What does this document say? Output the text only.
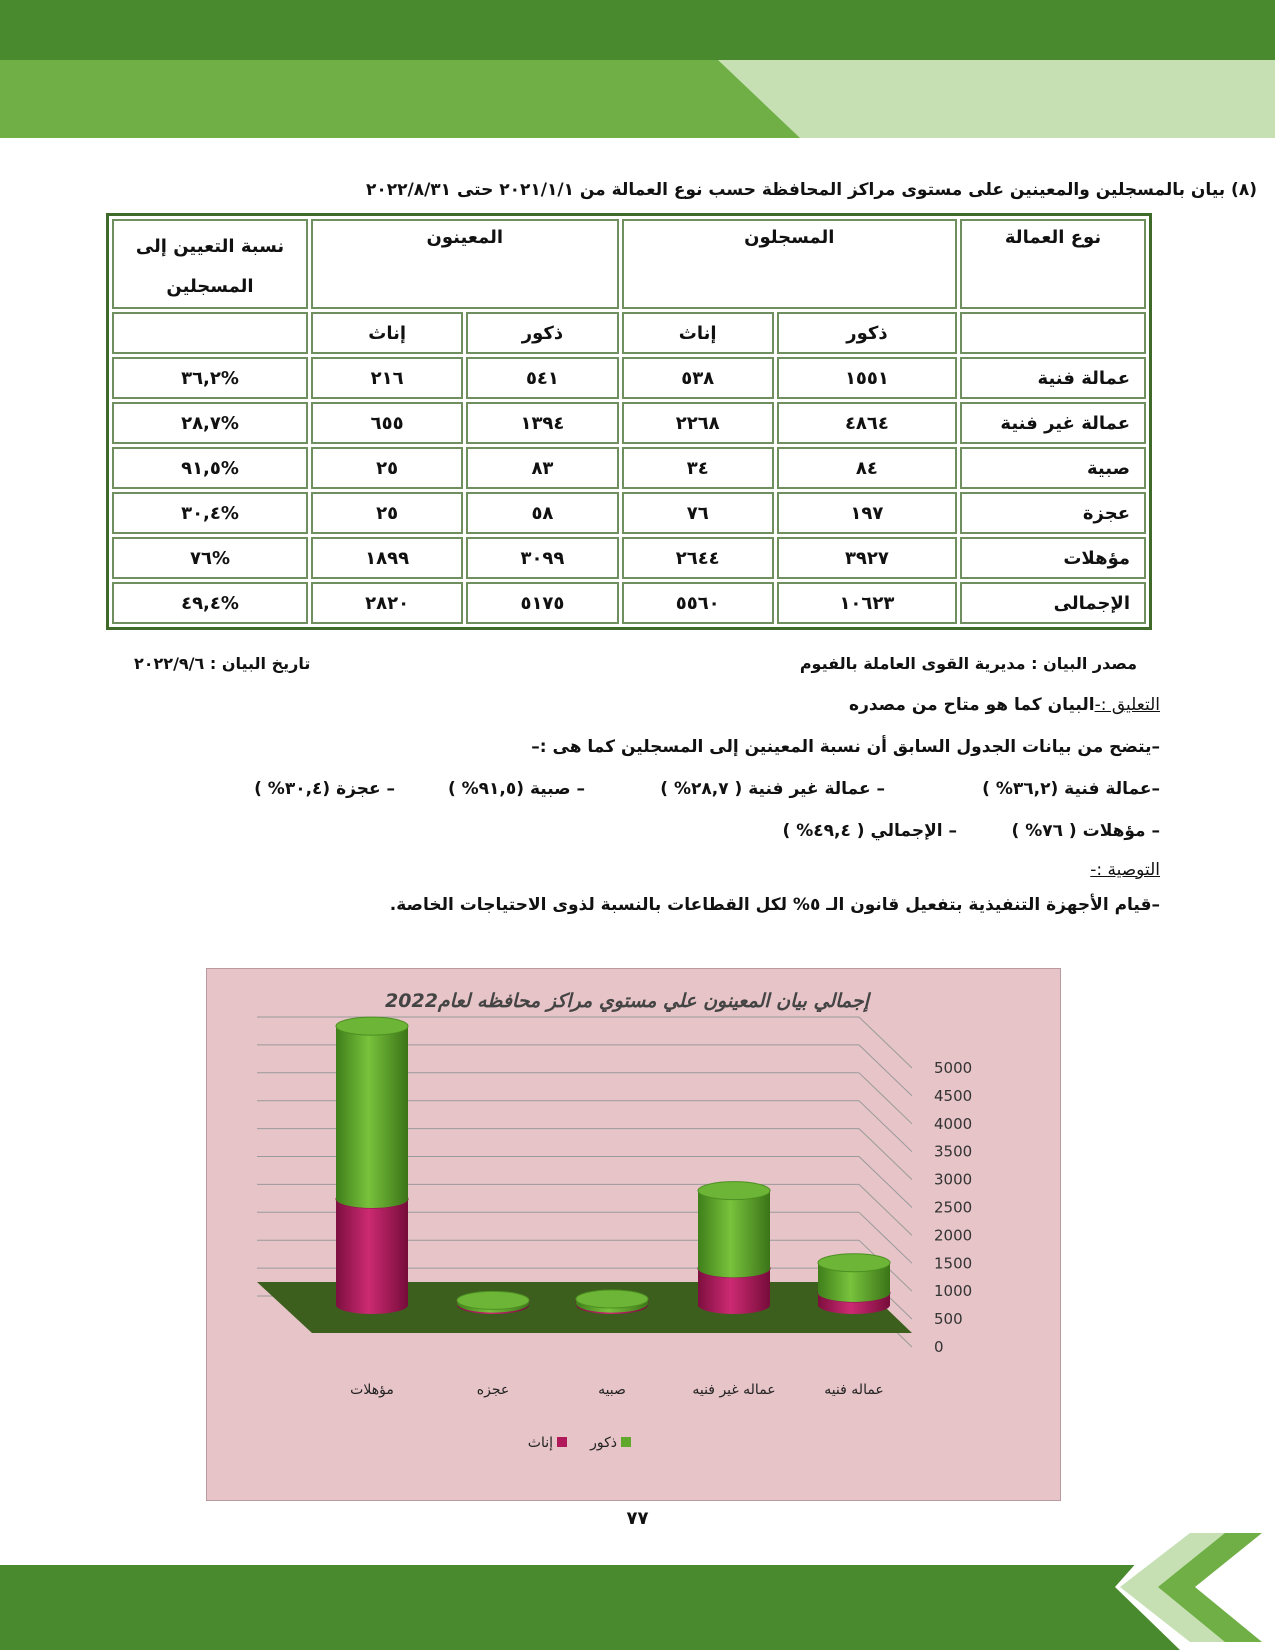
(٨) بيان بالمسجلين والمعينين على مستوى مراكز المحافظة حسب نوع العمالة من ٢٠٢١/١/١ حتى ٢٠٢٢/٨/٣١
نوع العمالة	المسجلون		المعينون		نسبة التعيين إلى المسجلين
	ذكور	إناث	ذكور	إناث	
عمالة فنية	١٥٥١	٥٣٨	٥٤١	٢١٦	%٣٦,٢
عمالة غير فنية	٤٨٦٤	٢٢٦٨	١٣٩٤	٦٥٥	%٢٨,٧
صبية	٨٤	٣٤	٨٣	٢٥	%٩١,٥
عجزة	١٩٧	٧٦	٥٨	٢٥	%٣٠,٤
مؤهلات	٣٩٢٧	٢٦٤٤	٣٠٩٩	١٨٩٩	%٧٦
الإجمالى	١٠٦٢٣	٥٥٦٠	٥١٧٥	٢٨٢٠	%٤٩,٤
مصدر البيان : مديرية القوى العاملة بالفيوم
تاريخ البيان : ٢٠٢٢/٩/٦
التعليق :-البيان كما هو متاح من مصدره
–يتضح من بيانات الجدول السابق أن نسبة المعينين إلى المسجلين كما هى :–
–عمالة فنية (٣٦,٢% )
– عمالة غير فنية ( ٢٨,٧% )
– صبية (٩١,٥% )
– عجزة (٣٠,٤% )
– مؤهلات ( ٧٦% )
– الإجمالي ( ٤٩,٤% )
التوصية :-
–قيام الأجهزة التنفيذية بتفعيل قانون الـ ٥% لكل القطاعات بالنسبة لذوى الاحتياجات الخاصة.
إجمالي بيان المعينون علي مستوي مراكز محافظه لعام2022
0
500
1000
1500
2000
2500
3000
3500
4000
4500
5000
مؤهلات	عجزه	صبيه	عماله غير فنيه	عماله فنيه
ذكور
إناث
٧٧
